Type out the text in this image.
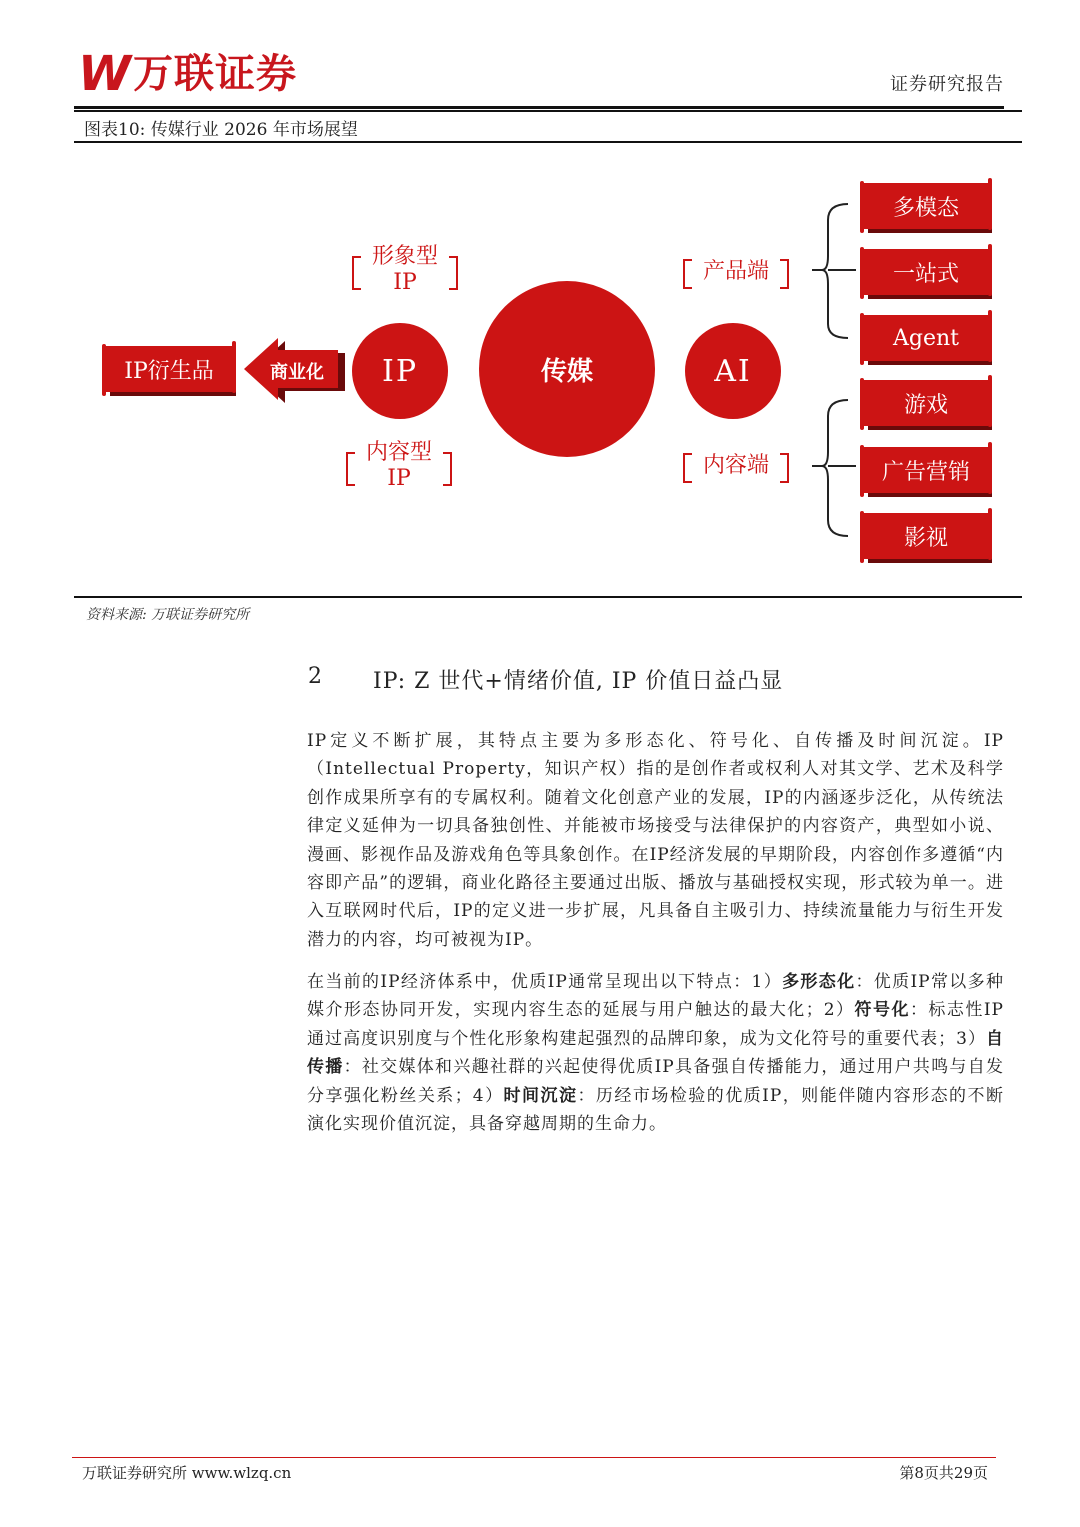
W 万联证券	证券研究报告
图表10: 传媒行业 2026 年市场展望
IP衍生品	商业化 IP	传媒	AI
形象型
IP
内容型
IP
产品端
内容端
多模态
一站式
Agent
游戏
广告营销
影视
资料来源: 万联证券研究所
2 IP: Z 世代+情绪价值, IP 价值日益凸显
IP定义不断扩展，其特点主要为多形态化、符号化、自传播及时间沉淀。IP（Intellectual Property，知识产权）指的是创作者或权利人对其文学、艺术及科学创作成果所享有的专属权利。随着文化创意产业的发展，IP的内涵逐步泛化，从传统法律定义延伸为一切具备独创性、并能被市场接受与法律保护的内容资产，典型如小说、漫画、影视作品及游戏角色等具象创作。在IP经济发展的早期阶段，内容创作多遵循“内容即产品”的逻辑，商业化路径主要通过出版、播放与基础授权实现，形式较为单一。进入互联网时代后，IP的定义进一步扩展，凡具备自主吸引力、持续流量能力与衍生开发潜力的内容，均可被视为IP。
在当前的IP经济体系中，优质IP通常呈现出以下特点：1）多形态化：优质IP常以多种媒介形态协同开发，实现内容生态的延展与用户触达的最大化；2）符号化：标志性IP通过高度识别度与个性化形象构建起强烈的品牌印象，成为文化符号的重要代表；3）自传播：社交媒体和兴趣社群的兴起使得优质IP具备强自传播能力，通过用户共鸣与自发分享强化粉丝关系；4）时间沉淀：历经市场检验的优质IP，则能伴随内容形态的不断演化实现价值沉淀，具备穿越周期的生命力。
万联证券研究所 www.wlzq.cn	第8页共29页
